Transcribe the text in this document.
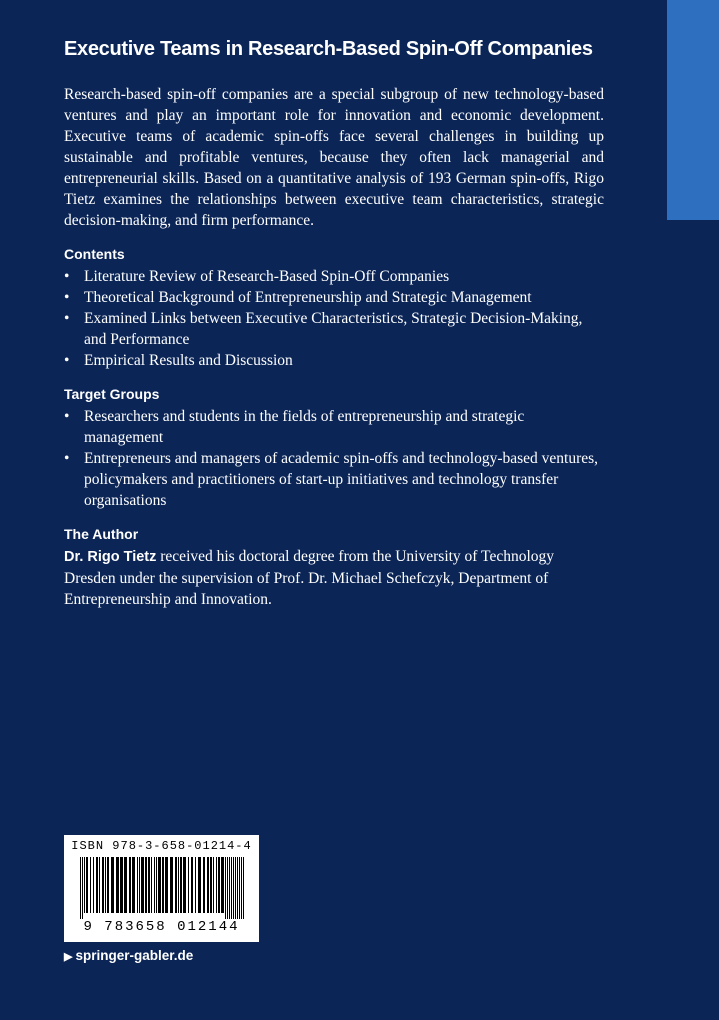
Executive Teams in Research-Based Spin-Off Companies

Research-based spin-off companies are a special subgroup of new technology-based ventures and play an important role for innovation and economic development. Executive teams of academic spin-offs face several challenges in building up sustainable and profitable ventures, because they often lack managerial and entrepreneurial skills. Based on a quantitative analysis of 193 German spin-offs, Rigo Tietz examines the relationships between executive team characteristics, strategic decision-making, and firm performance.

Contents
• Literature Review of Research-Based Spin-Off Companies
• Theoretical Background of Entrepreneurship and Strategic Management
• Examined Links between Executive Characteristics, Strategic Decision-Making, and Performance
• Empirical Results and Discussion
Target Groups
• Researchers and students in the fields of entrepreneurship and strategic management
• Entrepreneurs and managers of academic spin-offs and technology-based ventures, policymakers and practitioners of start-up initiatives and technology transfer organisations
The Author

Dr. Rigo Tietz received his doctoral degree from the University of Technology Dresden under the supervision of Prof. Dr. Michael Schefczyk, Department of Entrepreneurship and Innovation.

ISBN 978-3-658-01214-4
9 783658 012144
▶ springer-gabler.de
